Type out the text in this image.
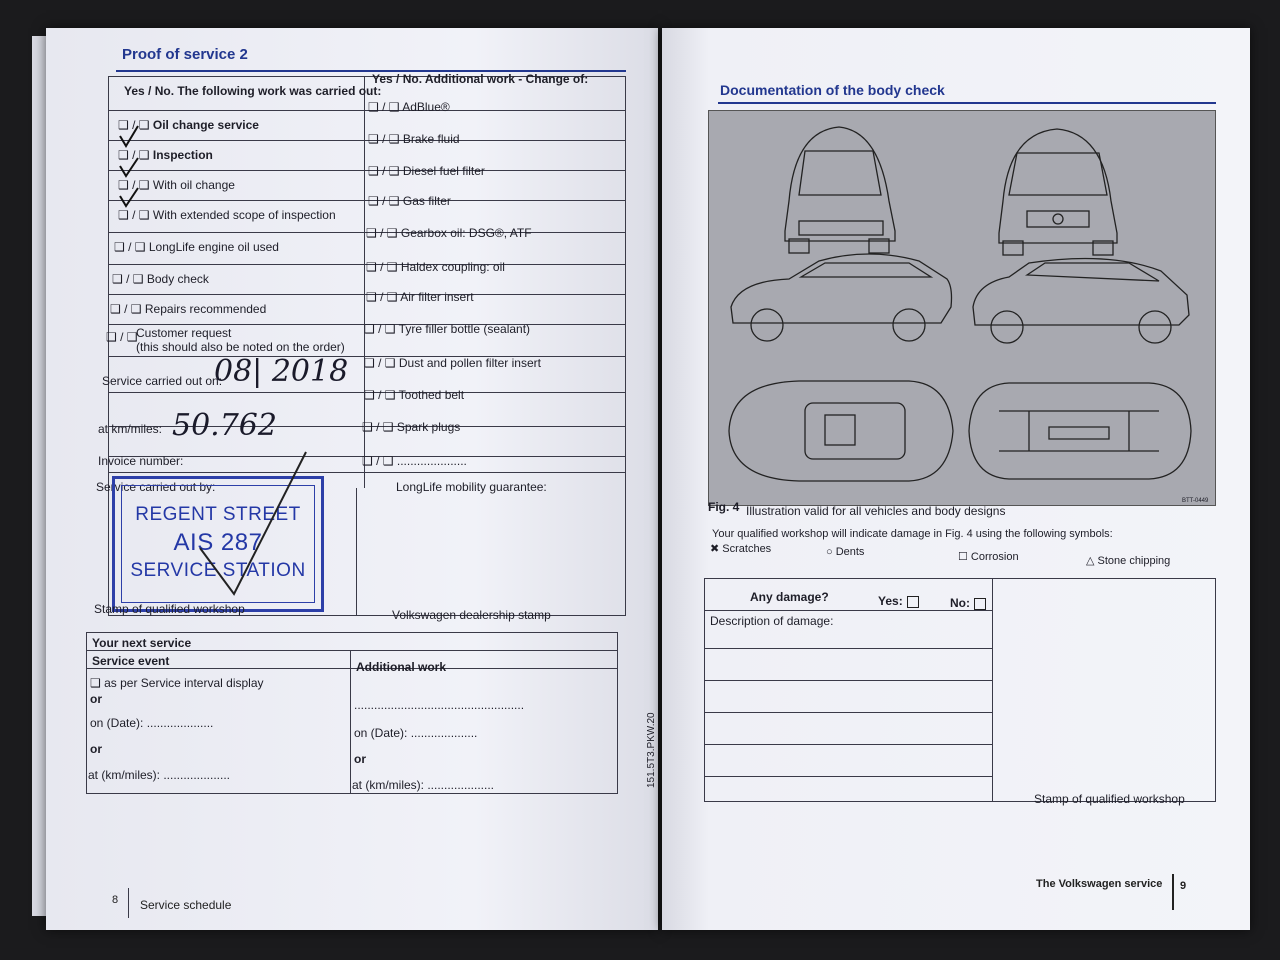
Proof of service 2
Yes / No. The following work was carried out:
Yes / No. Additional work - Change of:
❑ / ❑ Oil change service
❑ / ❑ Inspection
❑ / ❑ With oil change
❑ / ❑ With extended scope of inspection
❑ / ❑ LongLife engine oil used
❑ / ❑ Body check
❑ / ❑ Repairs recommended
❑ / ❑
Customer request
(this should also be noted on the order)
Service carried out on:
08| 2018
at km/miles: 50.762
Invoice number:
Service carried out by:
❑ / ❑ AdBlue®
❑ / ❑ Brake fluid
❑ / ❑ Diesel fuel filter
❑ / ❑ Gas filter
❑ / ❑ Gearbox oil: DSG®, ATF
❑ / ❑ Haldex coupling: oil
❑ / ❑ Air filter insert
❑ / ❑ Tyre filler bottle (sealant)
❑ / ❑ Dust and pollen filter insert
❑ / ❑ Toothed belt
❑ / ❑ Spark plugs
❑ / ❑ .....................
LongLife mobility guarantee:
REGENT STREET
AIS 287
SERVICE STATION
Stamp of qualified workshop	Volkswagen dealership stamp
Your next service
Service event	Additional work
❑ as per Service interval display
or
on (Date): ....................
or
at (km/miles): ....................
...................................................
on (Date): ....................
or
at (km/miles): ....................	151.5T3.PKW.20
8 Service schedule
Documentation of the body check
BTT-0449
Fig. 4 Illustration valid for all vehicles and body designs
Your qualified workshop will indicate damage in Fig. 4 using the following symbols:
✖ Scratches	○ Dents	☐ Corrosion	△ Stone chipping
Any damage?	Yes:	No:
Description of damage:
Stamp of qualified workshop
The Volkswagen service 9
